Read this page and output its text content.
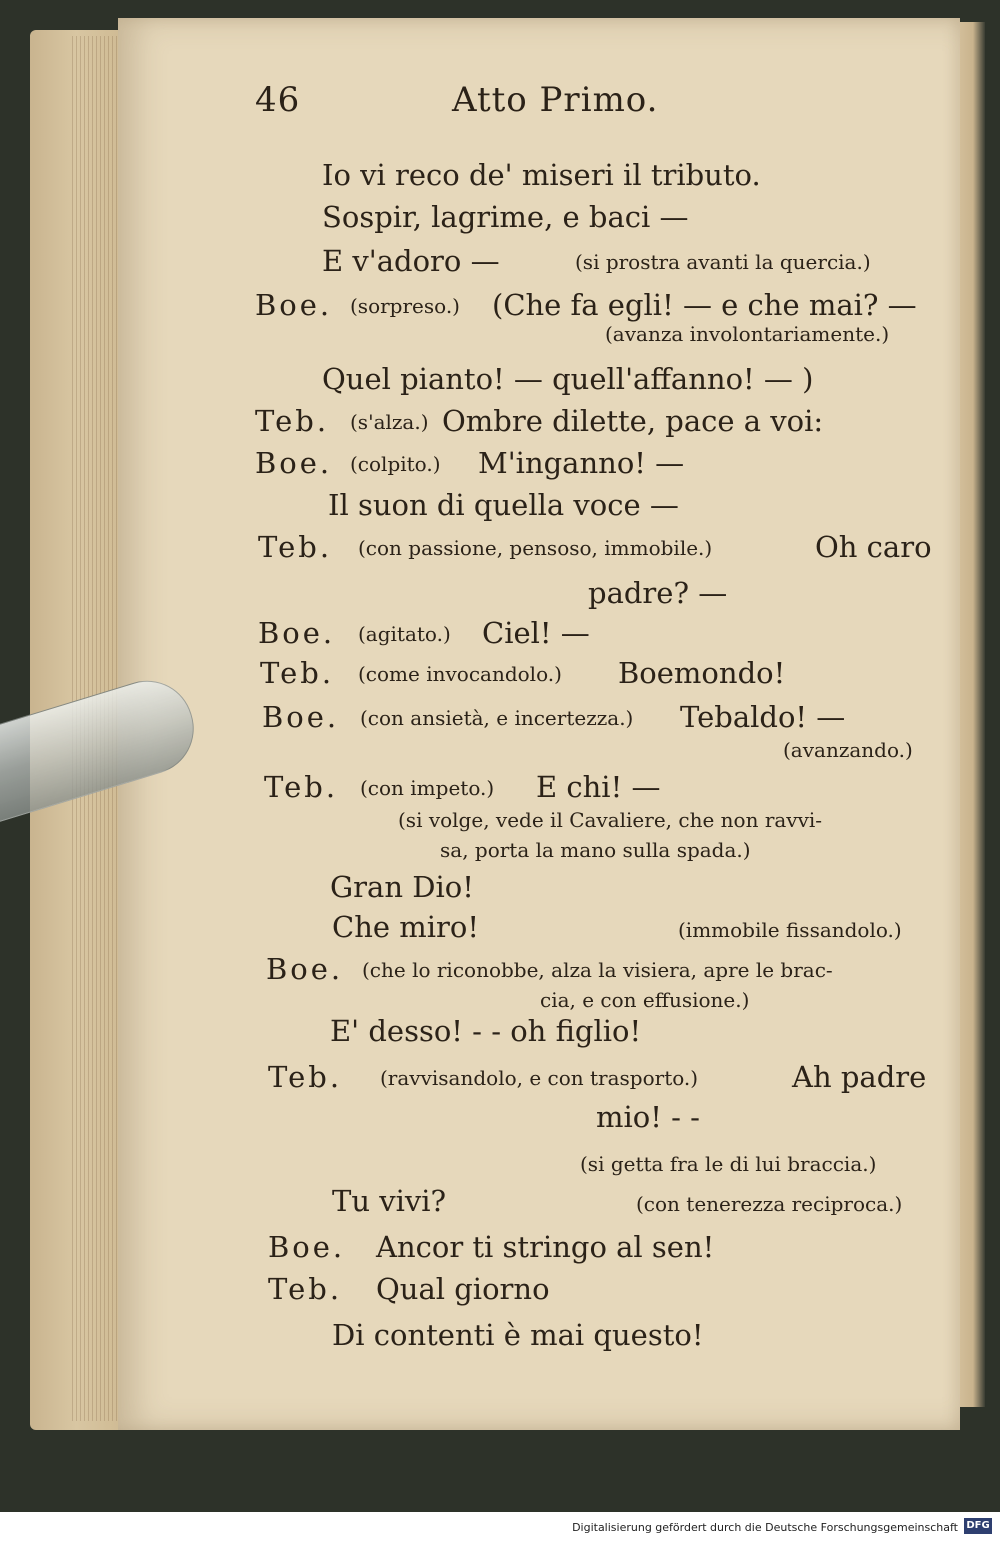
46	Atto Primo.
Io vi reco de' miseri il tributo.
Sospir, lagrime, e baci —
E v'adoro —	(si prostra avanti la quercia.)
Boe. (sorpreso.) (Che fa egli! — e che mai? —
(avanza involontariamente.)
Quel pianto! — quell'affanno! — )
Teb. (s'alza.) Ombre dilette, pace a voi:
Boe. (colpito.) M'inganno! —
Il suon di quella voce —
Teb. (con passione, pensoso, immobile.)	Oh caro
padre? —
Boe. (agitato.) Ciel! —
Teb. (come invocandolo.) Boemondo!
Boe. (con ansietà, e incertezza.) Tebaldo! —
(avanzando.)
Teb. (con impeto.) E chi! —
(si volge, vede il Cavaliere, che non ravvi-
sa, porta la mano sulla spada.)
Gran Dio!
Che miro!	(immobile fissandolo.)
Boe. (che lo riconobbe, alza la visiera, apre le brac-
cia, e con effusione.)
E' desso! - - oh figlio!
Teb. (ravvisandolo, e con trasporto.)	Ah padre
mio! - -
(si getta fra le di lui braccia.)
Tu vivi?	(con tenerezza reciproca.)
Boe. Ancor ti stringo al sen!
Teb. Qual giorno
Di contenti è mai questo!
Digitalisierung gefördert durch die Deutsche Forschungsgemeinschaft DFG
